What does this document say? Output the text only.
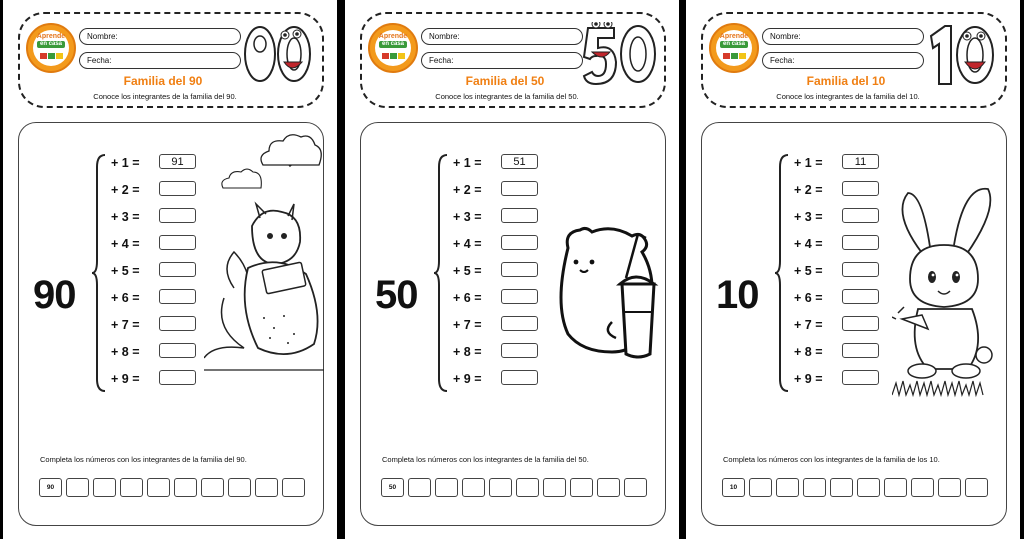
Aprende
en casa
Nombre:
Fecha:
Familia del 90
Conoce los integrantes de la familia del 90.
90
+ 1 =	91
+ 2 =
+ 3 =
+ 4 =
+ 5 =
+ 6 =
+ 7 =
+ 8 =
+ 9 =
Completa los números con los integrantes de la familia del 90.
90
Aprende
en casa
Nombre:
Fecha:
Familia del 50
Conoce los integrantes de la familia del 50.
50
+ 1 =	51
+ 2 =
+ 3 =
+ 4 =
+ 5 =
+ 6 =
+ 7 =
+ 8 =
+ 9 =
Completa los números con los integrantes de la familia del 50.
50
Aprende
en casa
Nombre:
Fecha:
Familia del 10
Conoce los integrantes de la familia del 10.
10
+ 1 =	11
+ 2 =
+ 3 =
+ 4 =
+ 5 =
+ 6 =
+ 7 =
+ 8 =
+ 9 =
Completa los números con los integrantes de la familia de los 10.
10
